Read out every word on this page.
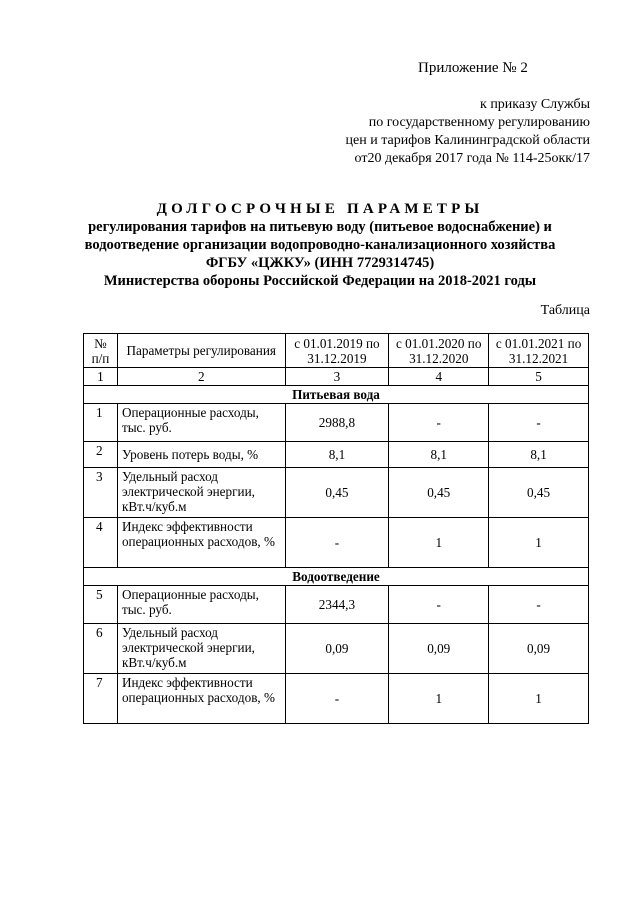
Приложение № 2
к приказу Службы
по государственному регулированию
цен и тарифов Калининградской области
от20 декабря 2017 года № 114-25окк/17
ДОЛГОСРОЧНЫЕ ПАРАМЕТРЫ
регулирования тарифов на питьевую воду (питьевое водоснабжение) и
водоотведение организации водопроводно-канализационного хозяйства
ФГБУ «ЦЖКУ» (ИНН 7729314745)
Министерства обороны Российской Федерации на 2018-2021 годы
Таблица
№ п/п	Параметры регулирования	с 01.01.2019 по 31.12.2019	с 01.01.2020 по 31.12.2020	с 01.01.2021 по 31.12.2021
1	2	3	4	5
Питьевая вода				
1	Операционные расходы, тыс. руб.	2988,8	-	-
2	Уровень потерь воды, %	8,1	8,1	8,1
3	Удельный расход электрической энергии, кВт.ч/куб.м	0,45	0,45	0,45
4	Индекс эффективности операционных расходов, %	-	1	1
Водоотведение				
5	Операционные расходы, тыс. руб.	2344,3	-	-
6	Удельный расход электрической энергии, кВт.ч/куб.м	0,09	0,09	0,09
7	Индекс эффективности операционных расходов, %	-	1	1
